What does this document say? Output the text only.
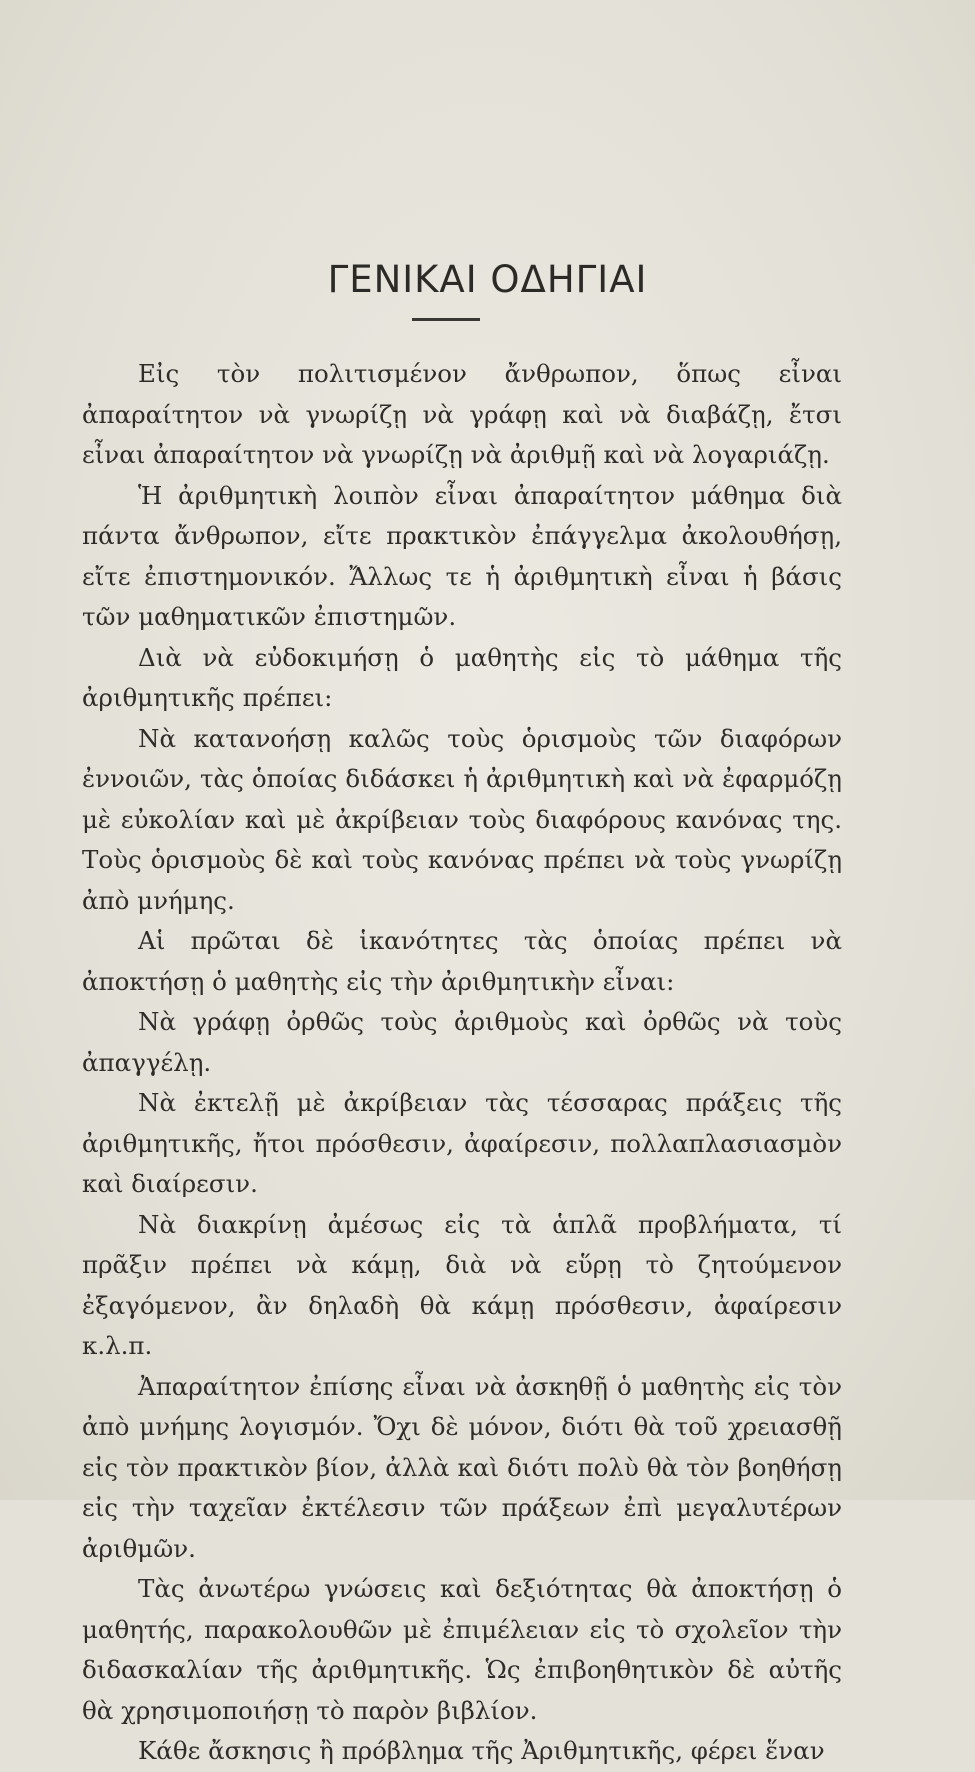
ΓΕΝΙΚΑΙ ΟΔΗΓΙΑΙ

Εἰς τὸν πολιτισμένον ἄνθρωπον, ὅπως εἶναι ἀπαραίτητον νὰ γνωρίζῃ νὰ γράφῃ καὶ νὰ διαβάζῃ, ἔτσι εἶναι ἀπαραίτητον νὰ γνωρίζῃ νὰ ἀριθμῇ καὶ νὰ λογαριάζῃ.

Ἡ ἀριθμητικὴ λοιπὸν εἶναι ἀπαραίτητον μάθημα διὰ πάντα ἄνθρωπον, εἴτε πρακτικὸν ἐπάγγελμα ἀκολουθήσῃ, εἴτε ἐπιστημονικόν. Ἄλλως τε ἡ ἀριθμητικὴ εἶναι ἡ βάσις τῶν μαθηματικῶν ἐπιστημῶν.

Διὰ νὰ εὐδοκιμήσῃ ὁ μαθητὴς εἰς τὸ μάθημα τῆς ἀριθμητικῆς πρέπει:

Νὰ κατανοήσῃ καλῶς τοὺς ὁρισμοὺς τῶν διαφόρων ἐννοιῶν, τὰς ὁποίας διδάσκει ἡ ἀριθμητικὴ καὶ νὰ ἐφαρμόζῃ μὲ εὐκολίαν καὶ μὲ ἀκρίβειαν τοὺς διαφόρους κανόνας της. Τοὺς ὁρισμοὺς δὲ καὶ τοὺς κανόνας πρέπει νὰ τοὺς γνωρίζῃ ἀπὸ μνήμης.

Αἱ πρῶται δὲ ἱκανότητες τὰς ὁποίας πρέπει νὰ ἀποκτήσῃ ὁ μαθητὴς εἰς τὴν ἀριθμητικὴν εἶναι:

Νὰ γράφῃ ὀρθῶς τοὺς ἀριθμοὺς καὶ ὀρθῶς νὰ τοὺς ἀπαγγέλῃ.

Νὰ ἐκτελῇ μὲ ἀκρίβειαν τὰς τέσσαρας πράξεις τῆς ἀριθμητικῆς, ἤτοι πρόσθεσιν, ἀφαίρεσιν, πολλαπλασιασμὸν καὶ διαίρεσιν.

Νὰ διακρίνῃ ἀμέσως εἰς τὰ ἁπλᾶ προβλήματα, τί πρᾶξιν πρέπει νὰ κάμῃ, διὰ νὰ εὕρῃ τὸ ζητούμενον ἐξαγόμενον, ἂν δηλαδὴ θὰ κάμῃ πρόσθεσιν, ἀφαίρεσιν κ.λ.π.

Ἀπαραίτητον ἐπίσης εἶναι νὰ ἀσκηθῇ ὁ μαθητὴς εἰς τὸν ἀπὸ μνήμης λογισμόν. Ὄχι δὲ μόνον, διότι θὰ τοῦ χρειασθῇ εἰς τὸν πρακτικὸν βίον, ἀλλὰ καὶ διότι πολὺ θὰ τὸν βοηθήσῃ εἰς τὴν ταχεῖαν ἐκτέλεσιν τῶν πράξεων ἐπὶ μεγαλυτέρων ἀριθμῶν.

Τὰς ἀνωτέρω γνώσεις καὶ δεξιότητας θὰ ἀποκτήσῃ ὁ μαθητής, παρακολουθῶν μὲ ἐπιμέλειαν εἰς τὸ σχολεῖον τὴν διδασκαλίαν τῆς ἀριθμητικῆς. Ὡς ἐπιβοηθητικὸν δὲ αὐτῆς θὰ χρησιμοποιήσῃ τὸ παρὸν βιβλίον.

Κάθε ἄσκησις ἢ πρόβλημα τῆς Ἀριθμητικῆς, φέρει ἕναν
